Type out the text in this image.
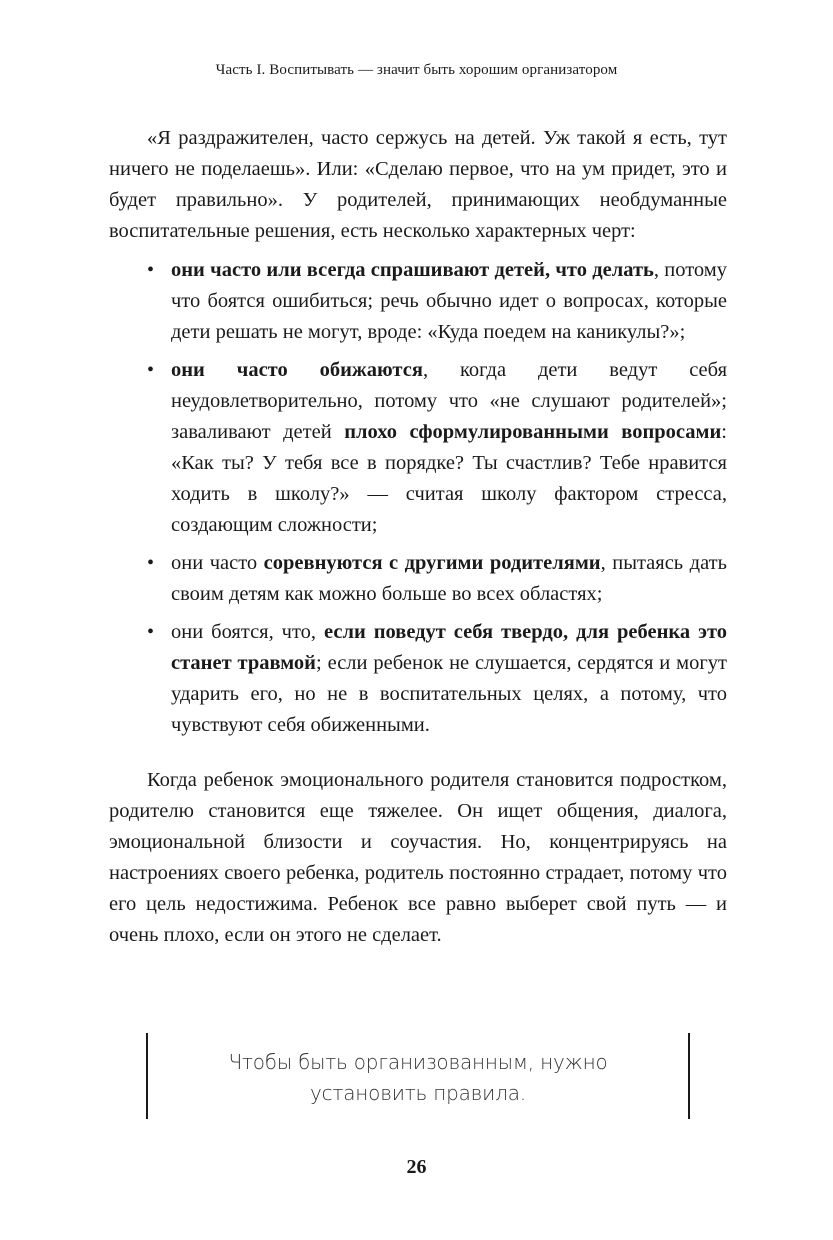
Часть I. Воспитывать — значит быть хорошим организатором

«Я раздражителен, часто сержусь на детей. Уж такой я есть, тут ничего не поделаешь». Или: «Сделаю первое, что на ум придет, это и будет правильно». У родителей, принимающих необдуманные воспитательные решения, есть несколько характерных черт:

• они часто или всегда спрашивают детей, что делать, потому что боятся ошибиться; речь обычно идет о вопросах, которые дети решать не могут, вроде: «Куда поедем на каникулы?»;
• они часто обижаются, когда дети ведут себя неудовлетворительно, потому что «не слушают родителей»; заваливают детей плохо сформулированными вопросами: «Как ты? У тебя все в порядке? Ты счастлив? Тебе нравится ходить в школу?» — считая школу фактором стресса, создающим сложности;
• они часто соревнуются с другими родителями, пытаясь дать своим детям как можно больше во всех областях;
• они боятся, что, если поведут себя твердо, для ребенка это станет травмой; если ребенок не слушается, сердятся и могут ударить его, но не в воспитательных целях, а потому, что чувствуют себя обиженными.

Когда ребенок эмоционального родителя становится подростком, родителю становится еще тяжелее. Он ищет общения, диалога, эмоциональной близости и соучастия. Но, концентрируясь на настроениях своего ребенка, родитель постоянно страдает, потому что его цель недостижима. Ребенок все равно выберет свой путь — и очень плохо, если он этого не сделает.

Чтобы быть организованным, нужно установить правила.
26
